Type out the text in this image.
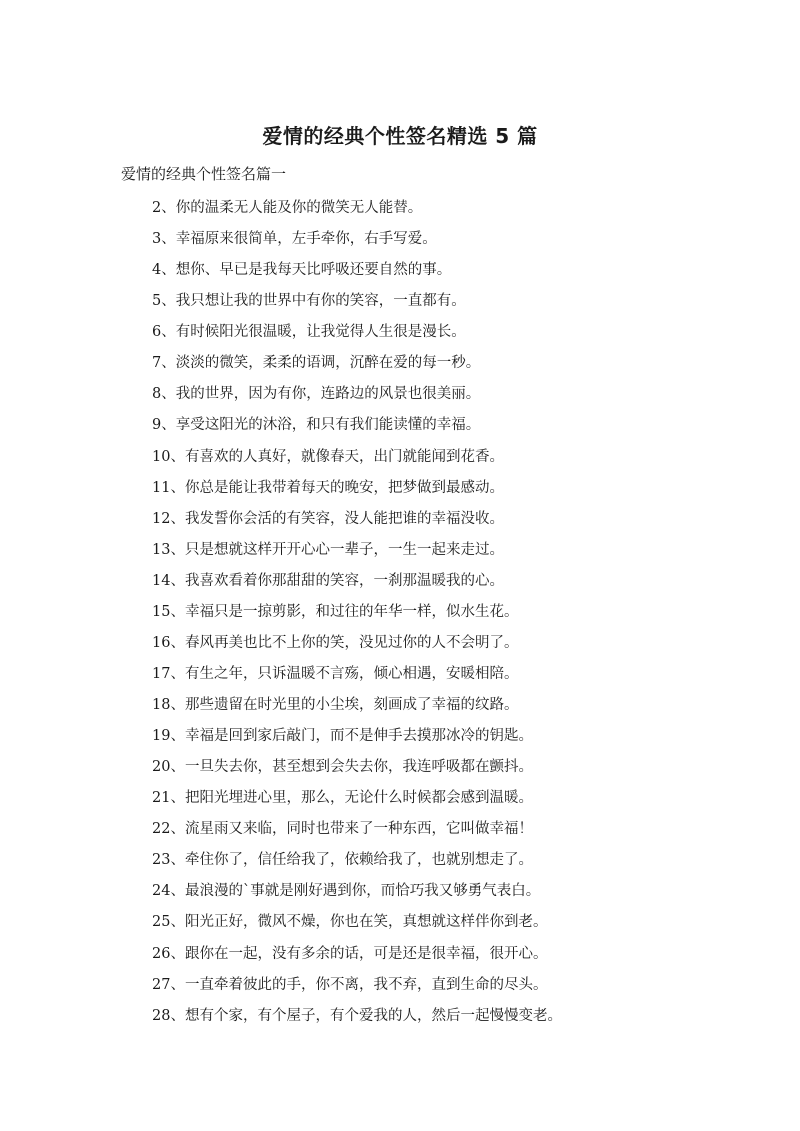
爱情的经典个性签名精选 5 篇

爱情的经典个性签名篇一

2、你的温柔无人能及你的微笑无人能替。
3、幸福原来很简单，左手牵你，右手写爱。
4、想你、早已是我每天比呼吸还要自然的事。
5、我只想让我的世界中有你的笑容，一直都有。
6、有时候阳光很温暖，让我觉得人生很是漫长。
7、淡淡的微笑，柔柔的语调，沉醉在爱的每一秒。
8、我的世界，因为有你，连路边的风景也很美丽。
9、享受这阳光的沐浴，和只有我们能读懂的幸福。
10、有喜欢的人真好，就像春天，出门就能闻到花香。
11、你总是能让我带着每天的晚安，把梦做到最感动。
12、我发誓你会活的有笑容，没人能把谁的幸福没收。
13、只是想就这样开开心心一辈子，一生一起来走过。
14、我喜欢看着你那甜甜的笑容，一刹那温暖我的心。
15、幸福只是一掠剪影，和过往的年华一样，似水生花。
16、春风再美也比不上你的笑，没见过你的人不会明了。
17、有生之年，只诉温暖不言殇，倾心相遇，安暖相陪。
18、那些遗留在时光里的小尘埃，刻画成了幸福的纹路。
19、幸福是回到家后敲门，而不是伸手去摸那冰冷的钥匙。
20、一旦失去你，甚至想到会失去你，我连呼吸都在颤抖。
21、把阳光埋进心里，那么，无论什么时候都会感到温暖。
22、流星雨又来临，同时也带来了一种东西，它叫做幸福！
23、牵住你了，信任给我了，依赖给我了，也就别想走了。
24、最浪漫的`事就是刚好遇到你，而恰巧我又够勇气表白。
25、阳光正好，微风不燥，你也在笑，真想就这样伴你到老。
26、跟你在一起，没有多余的话，可是还是很幸福，很开心。
27、一直牵着彼此的手，你不离，我不弃，直到生命的尽头。
28、想有个家，有个屋子，有个爱我的人，然后一起慢慢变老。
